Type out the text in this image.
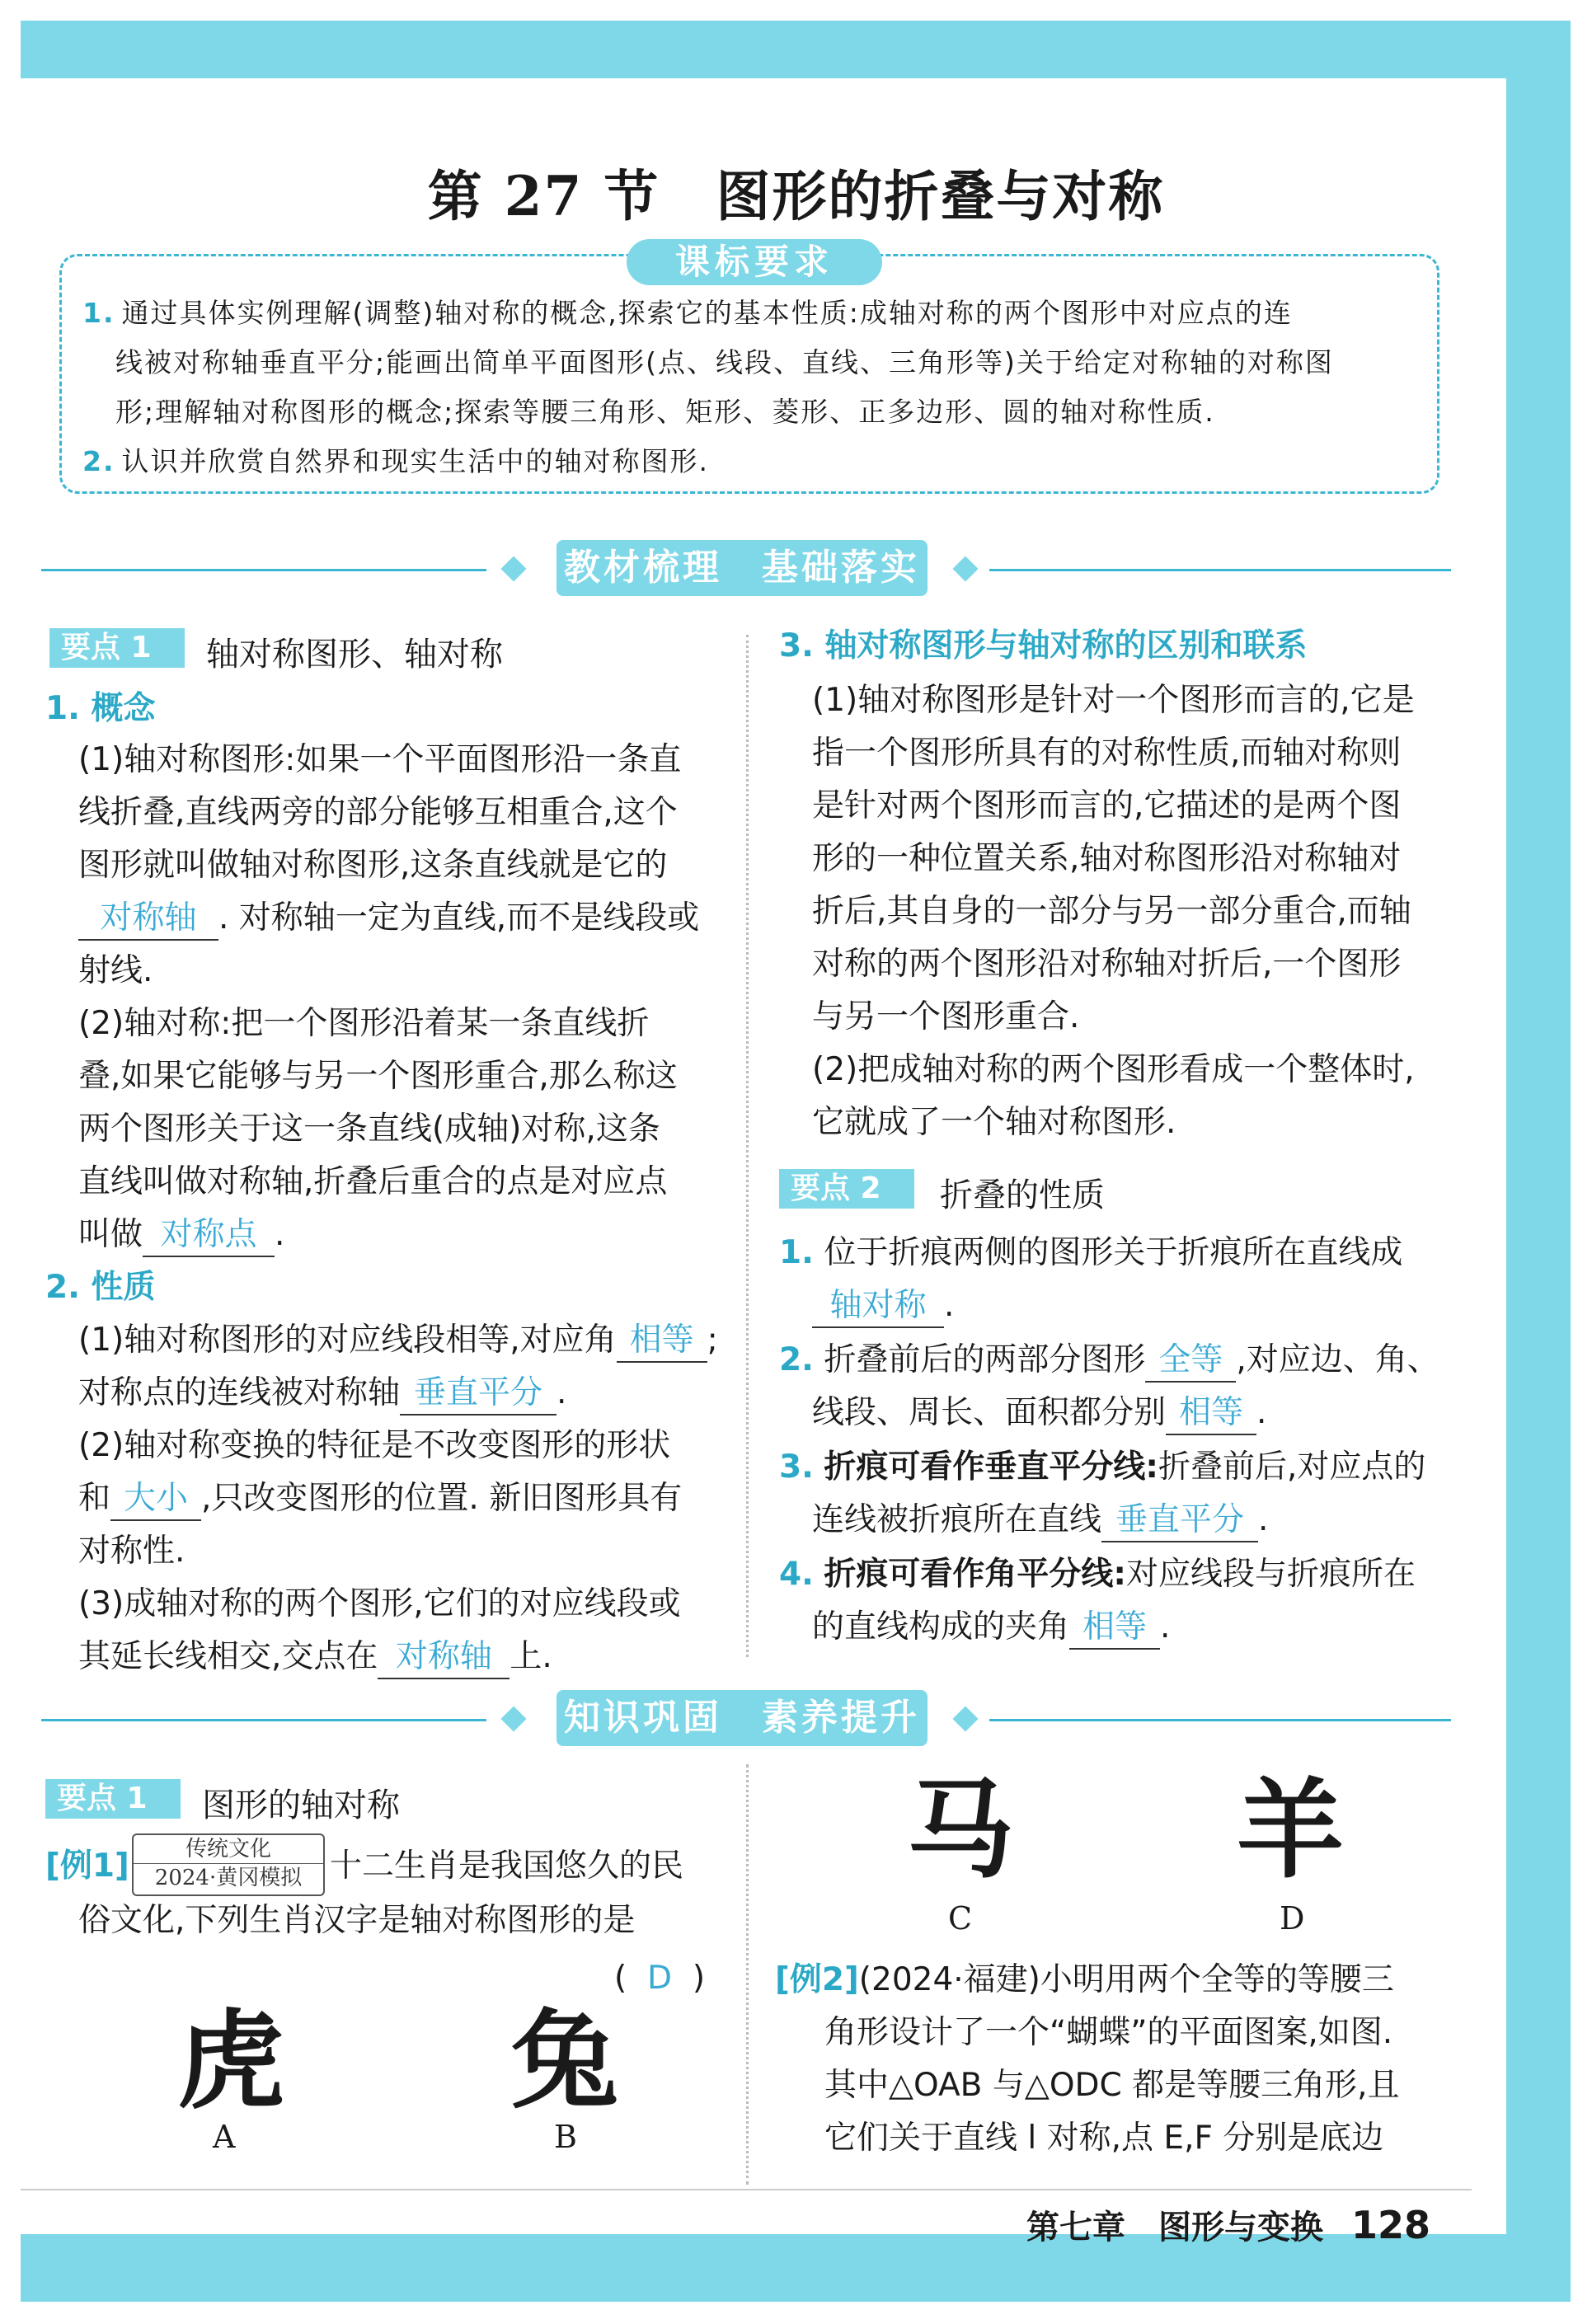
第 27 节　图形的折叠与对称
课标要求
1. 通过具体实例理解(调整)轴对称的概念,探索它的基本性质:成轴对称的两个图形中对应点的连
线被对称轴垂直平分;能画出简单平面图形(点、线段、直线、三角形等)关于给定对称轴的对称图
形;理解轴对称图形的概念;探索等腰三角形、矩形、菱形、正多边形、圆的轴对称性质.
2. 认识并欣赏自然界和现实生活中的轴对称图形.
教材梳理　基础落实
要点 1	轴对称图形、轴对称
1. 概念
(1)轴对称图形:如果一个平面图形沿一条直
线折叠,直线两旁的部分能够互相重合,这个
图形就叫做轴对称图形,这条直线就是它的
对称轴 . 对称轴一定为直线,而不是线段或
射线.
(2)轴对称:把一个图形沿着某一条直线折
叠,如果它能够与另一个图形重合,那么称这
两个图形关于这一条直线(成轴)对称,这条
直线叫做对称轴,折叠后重合的点是对应点
叫做 对称点 .
2. 性质
(1)轴对称图形的对应线段相等,对应角 相等 ;
对称点的连线被对称轴 垂直平分 .
(2)轴对称变换的特征是不改变图形的形状
和 大小 ,只改变图形的位置. 新旧图形具有
对称性.
(3)成轴对称的两个图形,它们的对应线段或
其延长线相交,交点在 对称轴 上.
3. 轴对称图形与轴对称的区别和联系
(1)轴对称图形是针对一个图形而言的,它是
指一个图形所具有的对称性质,而轴对称则
是针对两个图形而言的,它描述的是两个图
形的一种位置关系,轴对称图形沿对称轴对
折后,其自身的一部分与另一部分重合,而轴
对称的两个图形沿对称轴对折后,一个图形
与另一个图形重合.
(2)把成轴对称的两个图形看成一个整体时,
它就成了一个轴对称图形.
要点 2	折叠的性质
1. 位于折痕两侧的图形关于折痕所在直线成
轴对称 .
2. 折叠前后的两部分图形 全等 ,对应边、角、
线段、周长、面积都分别 相等 .
3. 折痕可看作垂直平分线:折叠前后,对应点的
连线被折痕所在直线 垂直平分 .
4. 折痕可看作角平分线:对应线段与折痕所在
的直线构成的夹角 相等 .
知识巩固　素养提升
要点 1	图形的轴对称
[例1]	传统文化
2024·黄冈模拟 十二生肖是我国悠久的民
俗文化,下列生肖汉字是轴对称图形的是
( D )
虎
A
兔
B
马
C
羊
D
[例2](2024·福建)小明用两个全等的等腰三
角形设计了一个“蝴蝶”的平面图案,如图.
其中△OAB 与△ODC 都是等腰三角形,且
它们关于直线 l 对称,点 E,F 分别是底边
第七章　图形与变换 128
